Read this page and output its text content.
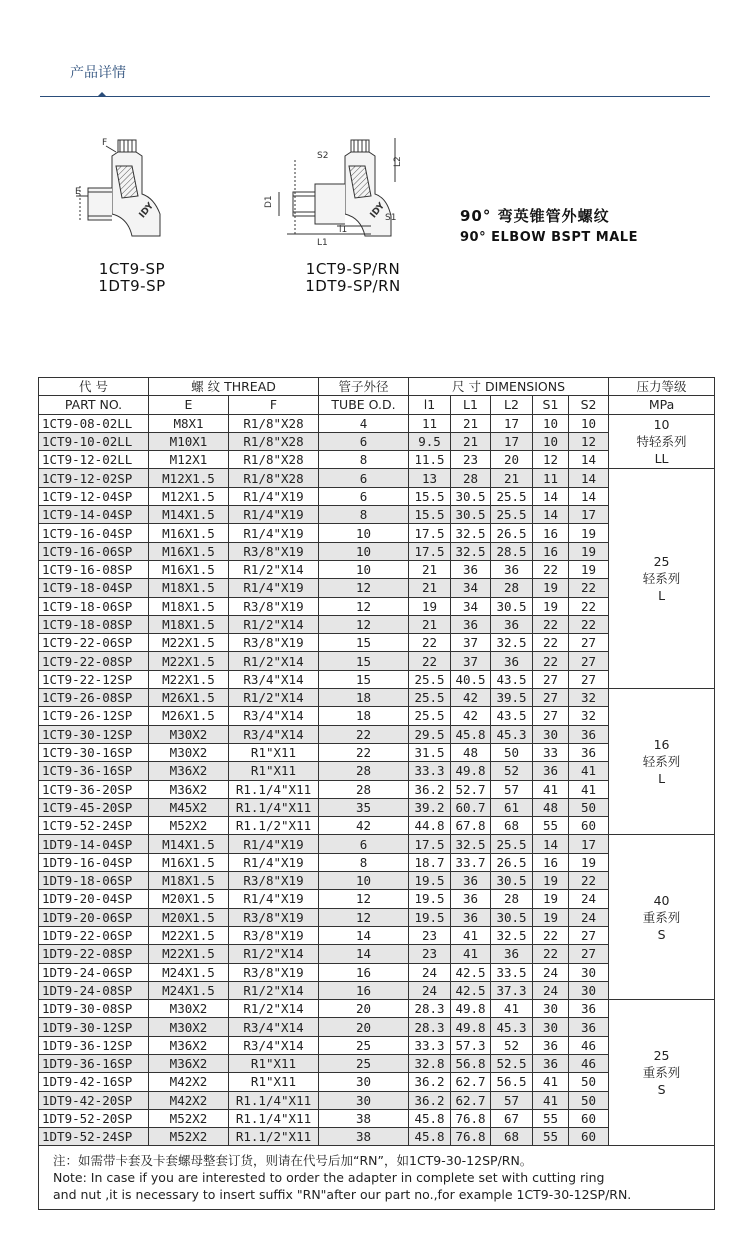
产品详情
F
E
IDY
1CT9-SP
1DT9-SP
S2
L2
D1
S1
l1
L1
IDY
1CT9-SP/RN
1DT9-SP/RN
90° 弯英锥管外螺纹
90° ELBOW BSPT MALE
代 号	螺 纹 THREAD		管子外径	尺 寸 DIMENSIONS					压力等级
PART NO.	E	F	TUBE O.D.	l1	L1	L2	S1	S2	MPa
1CT9-08-02LL	M8X1	R1/8"X28	4	11	21	17	10	10	10
特轻系列
LL

1CT9-10-02LL	M10X1	R1/8"X28	6	9.5	21	17	10	12	
1CT9-12-02LL	M12X1	R1/8"X28	8	11.5	23	20	12	14	
1CT9-12-02SP	M12X1.5	R1/8"X28	6	13	28	21	11	14	25
轻系列
L

1CT9-12-04SP	M12X1.5	R1/4"X19	6	15.5	30.5	25.5	14	14	
1CT9-14-04SP	M14X1.5	R1/4"X19	8	15.5	30.5	25.5	14	17	
1CT9-16-04SP	M16X1.5	R1/4"X19	10	17.5	32.5	26.5	16	19	
1CT9-16-06SP	M16X1.5	R3/8"X19	10	17.5	32.5	28.5	16	19	
1CT9-16-08SP	M16X1.5	R1/2"X14	10	21	36	36	22	19	
1CT9-18-04SP	M18X1.5	R1/4"X19	12	21	34	28	19	22	
1CT9-18-06SP	M18X1.5	R3/8"X19	12	19	34	30.5	19	22	
1CT9-18-08SP	M18X1.5	R1/2"X14	12	21	36	36	22	22	
1CT9-22-06SP	M22X1.5	R3/8"X19	15	22	37	32.5	22	27	
1CT9-22-08SP	M22X1.5	R1/2"X14	15	22	37	36	22	27	
1CT9-22-12SP	M22X1.5	R3/4"X14	15	25.5	40.5	43.5	27	27	
1CT9-26-08SP	M26X1.5	R1/2"X14	18	25.5	42	39.5	27	32	16
轻系列
L

1CT9-26-12SP	M26X1.5	R3/4"X14	18	25.5	42	43.5	27	32	
1CT9-30-12SP	M30X2	R3/4"X14	22	29.5	45.8	45.3	30	36	
1CT9-30-16SP	M30X2	R1"X11	22	31.5	48	50	33	36	
1CT9-36-16SP	M36X2	R1"X11	28	33.3	49.8	52	36	41	
1CT9-36-20SP	M36X2	R1.1/4"X11	28	36.2	52.7	57	41	41	
1CT9-45-20SP	M45X2	R1.1/4"X11	35	39.2	60.7	61	48	50	
1CT9-52-24SP	M52X2	R1.1/2"X11	42	44.8	67.8	68	55	60	
1DT9-14-04SP	M14X1.5	R1/4"X19	6	17.5	32.5	25.5	14	17	40
重系列
S

1DT9-16-04SP	M16X1.5	R1/4"X19	8	18.7	33.7	26.5	16	19	
1DT9-18-06SP	M18X1.5	R3/8"X19	10	19.5	36	30.5	19	22	
1DT9-20-04SP	M20X1.5	R1/4"X19	12	19.5	36	28	19	24	
1DT9-20-06SP	M20X1.5	R3/8"X19	12	19.5	36	30.5	19	24	
1DT9-22-06SP	M22X1.5	R3/8"X19	14	23	41	32.5	22	27	
1DT9-22-08SP	M22X1.5	R1/2"X14	14	23	41	36	22	27	
1DT9-24-06SP	M24X1.5	R3/8"X19	16	24	42.5	33.5	24	30	
1DT9-24-08SP	M24X1.5	R1/2"X14	16	24	42.5	37.3	24	30	
1DT9-30-08SP	M30X2	R1/2"X14	20	28.3	49.8	41	30	36	25
重系列
S

1DT9-30-12SP	M30X2	R3/4"X14	20	28.3	49.8	45.3	30	36	
1DT9-36-12SP	M36X2	R3/4"X14	25	33.3	57.3	52	36	46	
1DT9-36-16SP	M36X2	R1"X11	25	32.8	56.8	52.5	36	46	
1DT9-42-16SP	M42X2	R1"X11	30	36.2	62.7	56.5	41	50	
1DT9-42-20SP	M42X2	R1.1/4"X11	30	36.2	62.7	57	41	50	
1DT9-52-20SP	M52X2	R1.1/4"X11	38	45.8	76.8	67	55	60	
1DT9-52-24SP	M52X2	R1.1/2"X11	38	45.8	76.8	68	55	60	

注：如需带卡套及卡套螺母整套订货，则请在代号后加“RN”，如1CT9-30-12SP/RN。
Note: In case if you are interested to order the adapter in complete set with cutting ring
and nut ,it is necessary to insert suffix "RN"after our part no.,for example 1CT9-30-12SP/RN.									
